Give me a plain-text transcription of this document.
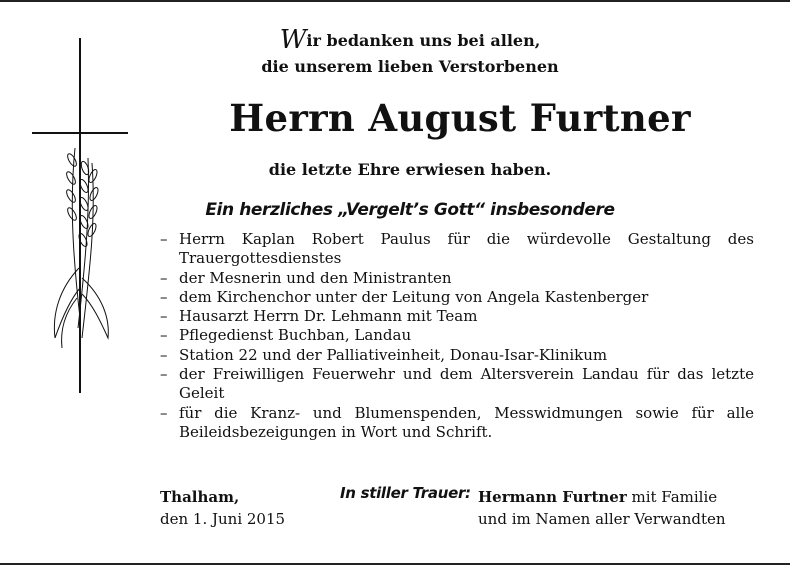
Wir bedanken uns bei allen,
die unserem lieben Verstorbenen
Herrn August Furtner
die letzte Ehre erwiesen haben.
Ein herzliches „Vergelt’s Gott“ insbesondere
– Herrn Kaplan Robert Paulus für die würdevolle Gestaltung des Trauergottesdienstes
– der Mesnerin und den Ministranten
– dem Kirchenchor unter der Leitung von Angela Kastenberger
– Hausarzt Herrn Dr. Lehmann mit Team
– Pflegedienst Buchban, Landau
– Station 22 und der Palliativeinheit, Donau-Isar-Klinikum
– der Freiwilligen Feuerwehr und dem Altersverein Landau für das letzte Geleit
– für die Kranz- und Blumenspenden, Messwidmungen sowie für alle Beileidsbezeigungen in Wort und Schrift.
Thalham,
den 1. Juni 2015
In stiller Trauer: Hermann Furtner mit Familie
und im Namen aller Verwandten
